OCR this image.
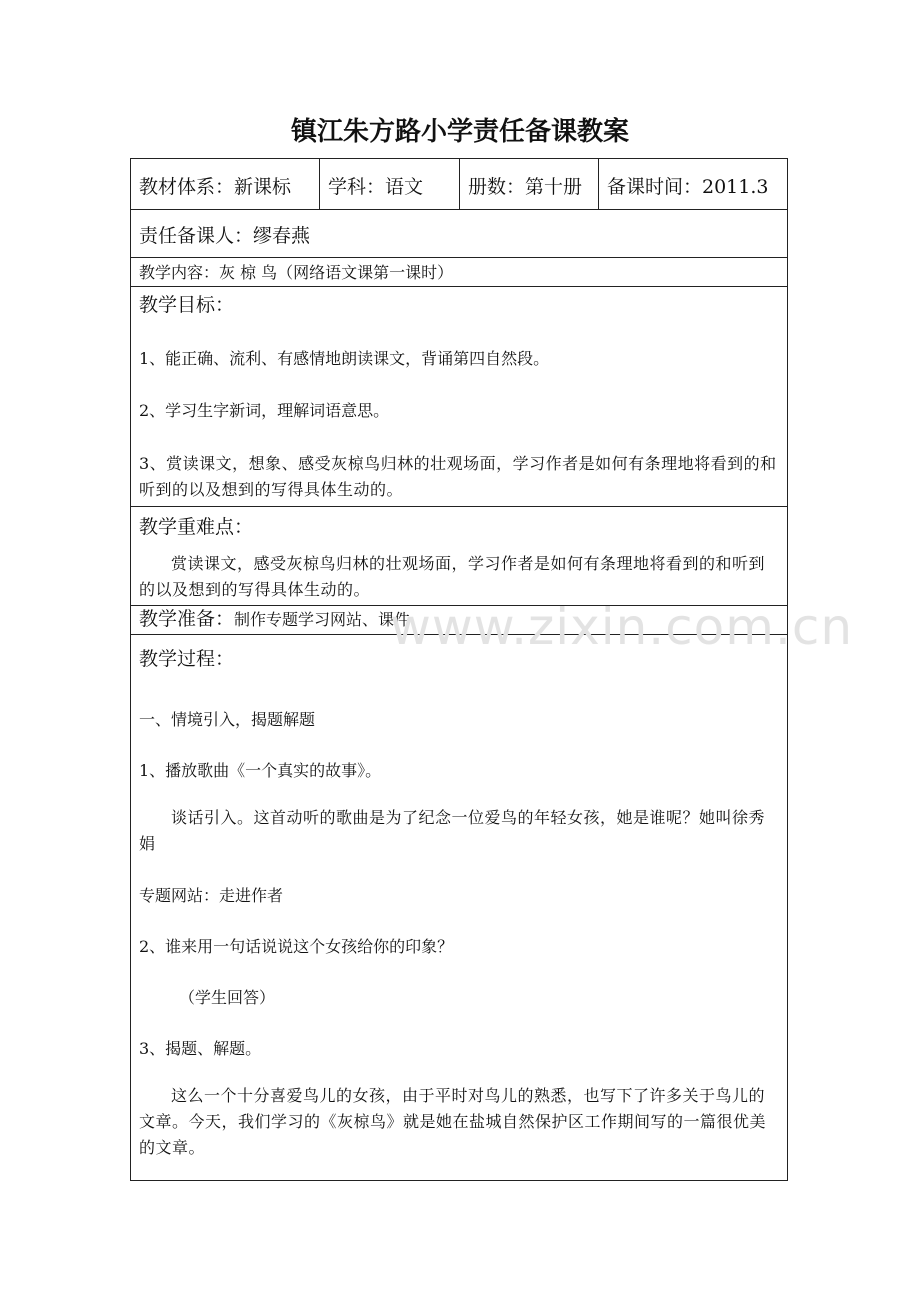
镇江朱方路小学责任备课教案
教材体系：新课标 学科：语文 册数：第十册 备课时间：2011.3
责任备课人：缪春燕
教学内容：灰 椋 鸟（网络语文课第一课时）
教学目标：
1、能正确、流利、有感情地朗读课文，背诵第四自然段。
2、学习生字新词，理解词语意思。
3、赏读课文，想象、感受灰椋鸟归林的壮观场面，学习作者是如何有条理地将看到的和听到的以及想到的写得具体生动的。
教学重难点：
赏读课文，感受灰椋鸟归林的壮观场面，学习作者是如何有条理地将看到的和听到的以及想到的写得具体生动的。
教学准备：制作专题学习网站、课件
教学过程：
一、情境引入，揭题解题
1、播放歌曲《一个真实的故事》。
谈话引入。这首动听的歌曲是为了纪念一位爱鸟的年轻女孩，她是谁呢？她叫徐秀娟
专题网站：走进作者
2、谁来用一句话说说这个女孩给你的印象？
（学生回答）
3、揭题、解题。
这么一个十分喜爱鸟儿的女孩，由于平时对鸟儿的熟悉，也写下了许多关于鸟儿的文章。今天，我们学习的《灰椋鸟》就是她在盐城自然保护区工作期间写的一篇很优美的文章。
www.zixin.com.cn
